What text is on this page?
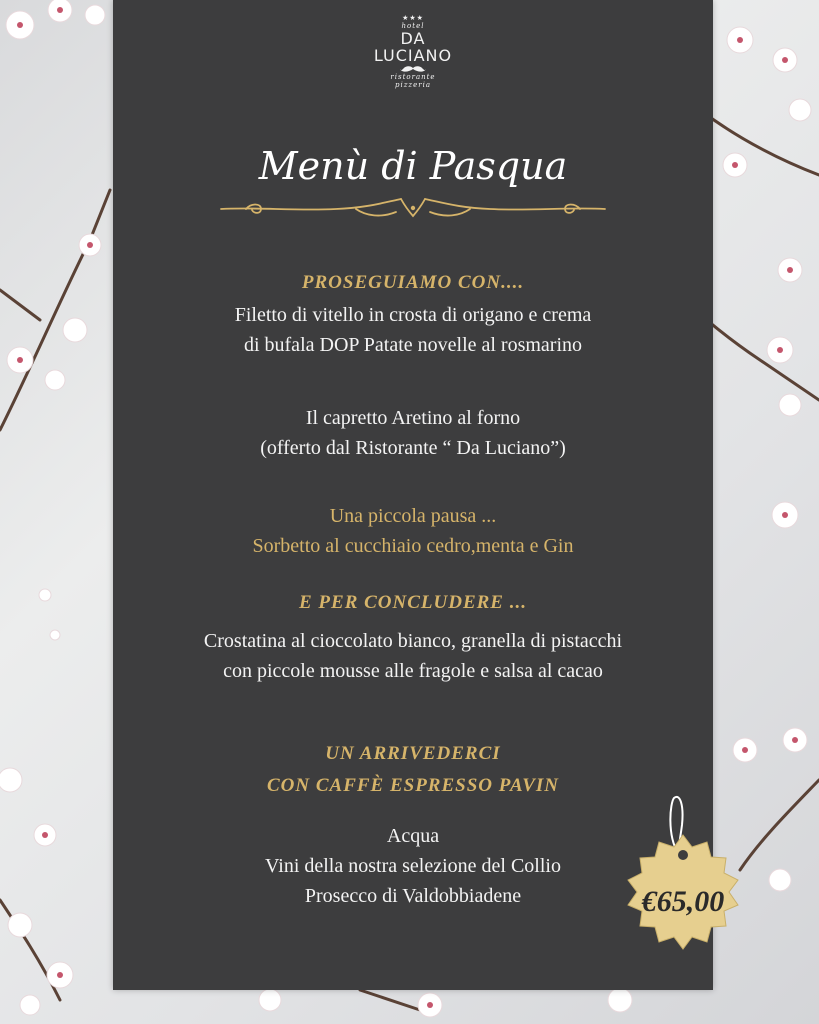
★★★
hotel
DA
LUCIANO
ristorante
pizzeria
Menù di Pasqua
PROSEGUIAMO CON....
Filetto di vitello in crosta di origano e crema
di bufala DOP Patate novelle al rosmarino
Il capretto Aretino al forno
(offerto dal Ristorante “ Da Luciano”)
Una piccola pausa ...
Sorbetto al cucchiaio cedro,menta e Gin
E PER CONCLUDERE ...
Crostatina al cioccolato bianco, granella di pistacchi
con piccole mousse alle fragole e salsa al cacao
UN ARRIVEDERCI
CON CAFFÈ ESPRESSO PAVIN
Acqua
Vini della nostra selezione del Collio
Prosecco di Valdobbiadene	€65,00
